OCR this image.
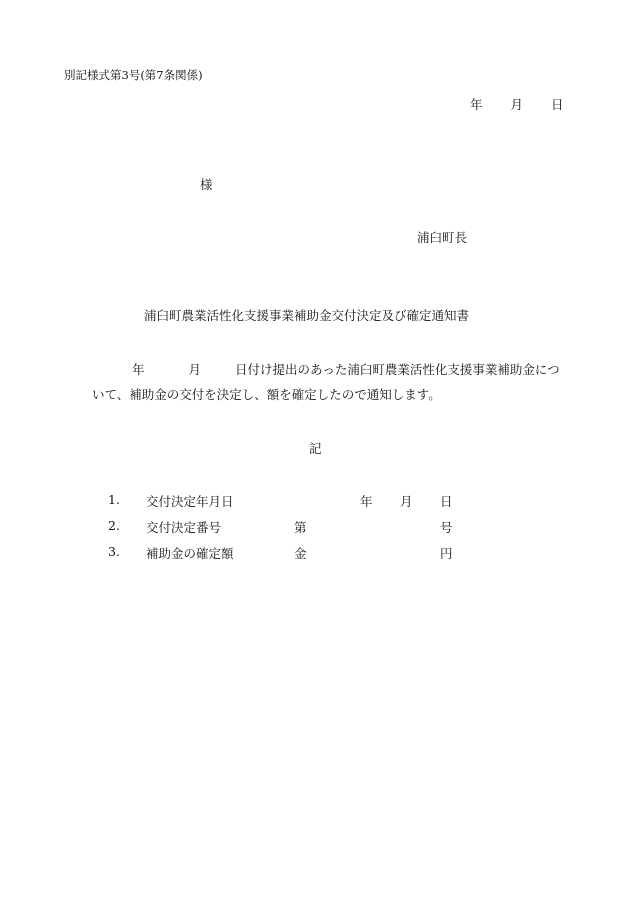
別記様式第3号(第7条関係)
年 月 日
様
浦臼町長
浦臼町農業活性化支援事業補助金交付決定及び確定通知書
年	月	日付け提出のあった浦臼町農業活性化支援事業補助金につ
いて、補助金の交付を決定し、額を確定したので通知します。
記
1. 交付決定年月日	年 月 日
2. 交付決定番号	第	号
3. 補助金の確定額	金	円
